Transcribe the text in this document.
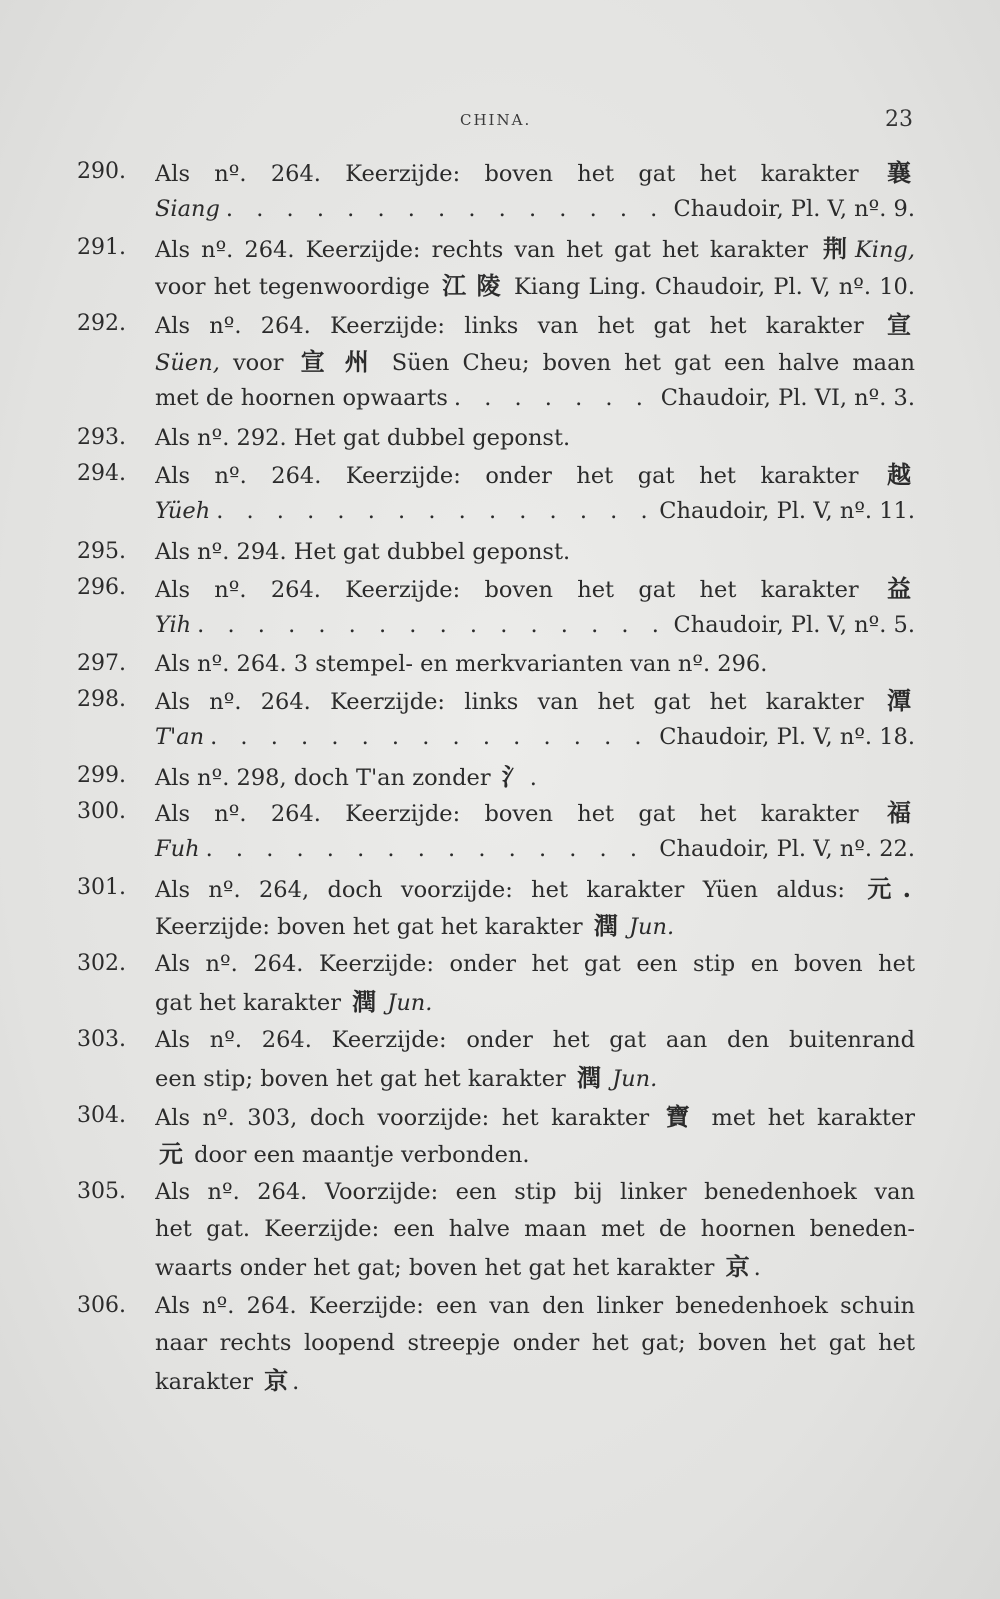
CHINA.	23
290. Als nº. 264. Keerzijde: boven het gat het karakter 襄
Siang . . .	Chaudoir, Pl. V, nº. 9.
291. Als nº. 264. Keerzijde: rechts van het gat het karakter 荆 King,
voor het tegenwoordige 江 陵 Kiang Ling. Chaudoir, Pl. V, nº. 10.
292. Als nº. 264. Keerzijde: links van het gat het karakter 宣
Süen, voor 宣 州 Süen Cheu; boven het gat een halve maan
met de hoornen opwaarts . . .	Chaudoir, Pl. VI, nº. 3.
293. Als nº. 292. Het gat dubbel geponst.
294. Als nº. 264. Keerzijde: onder het gat het karakter 越
Yüeh . . .	Chaudoir, Pl. V, nº. 11.
295. Als nº. 294. Het gat dubbel geponst.
296. Als nº. 264. Keerzijde: boven het gat het karakter 益
Yih . . .	Chaudoir, Pl. V, nº. 5.
297. Als nº. 264. 3 stempel- en merkvarianten van nº. 296.
298. Als nº. 264. Keerzijde: links van het gat het karakter 潭
T'an . . .	Chaudoir, Pl. V, nº. 18.
299. Als nº. 298, doch T'an zonder 氵 .
300. Als nº. 264. Keerzijde: boven het gat het karakter 福
Fuh . . .	Chaudoir, Pl. V, nº. 22.
301. Als nº. 264, doch voorzijde: het karakter Yüen aldus: 元.
Keerzijde: boven het gat het karakter 潤 Jun.
302. Als nº. 264. Keerzijde: onder het gat een stip en boven het
gat het karakter 潤 Jun.
303. Als nº. 264. Keerzijde: onder het gat aan den buitenrand
een stip; boven het gat het karakter 潤 Jun.
304. Als nº. 303, doch voorzijde: het karakter 寶 met het karakter
元 door een maantje verbonden.
305. Als nº. 264. Voorzijde: een stip bij linker benedenhoek van
het gat. Keerzijde: een halve maan met de hoornen beneden-
waarts onder het gat; boven het gat het karakter 京 .
306. Als nº. 264. Keerzijde: een van den linker benedenhoek schuin
naar rechts loopend streepje onder het gat; boven het gat het
karakter 京 .
